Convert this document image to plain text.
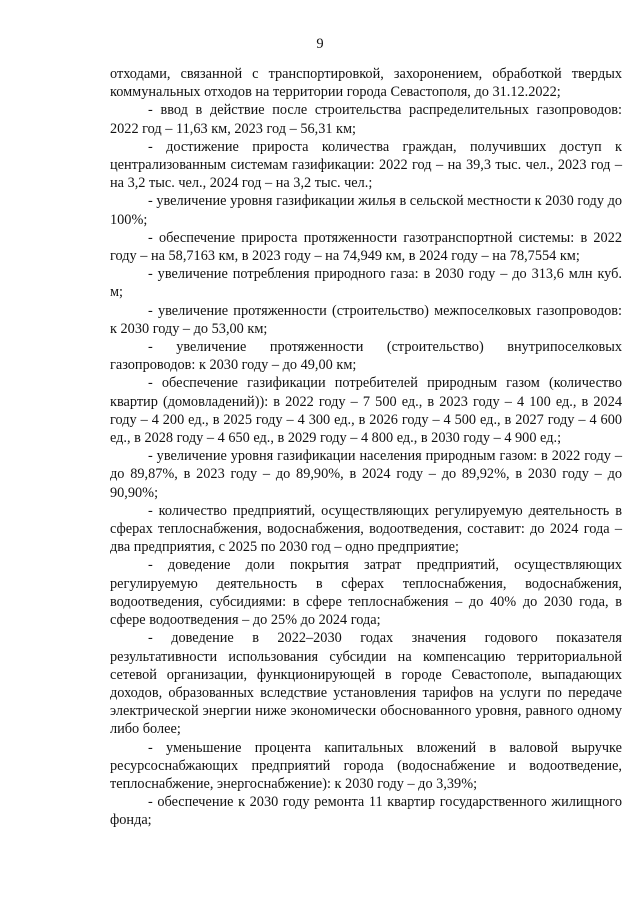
9

отходами, связанной с транспортировкой, захоронением, обработкой твердых коммунальных отходов на территории города Севастополя, до 31.12.2022;

- ввод в действие после строительства распределительных газопроводов: 2022 год – 11,63 км, 2023 год – 56,31 км;

- достижение прироста количества граждан, получивших доступ к централизованным системам газификации: 2022 год – на 39,3 тыс. чел., 2023 год – на 3,2 тыс. чел., 2024 год – на 3,2 тыс. чел.;

- увеличение уровня газификации жилья в сельской местности к 2030 году до 100%;

- обеспечение прироста протяженности газотранспортной системы: в 2022 году – на 58,7163 км, в 2023 году – на 74,949 км, в 2024 году – на 78,7554 км;

- увеличение потребления природного газа: в 2030 году – до 313,6 млн куб. м;

- увеличение протяженности (строительство) межпоселковых газопроводов: к 2030 году – до 53,00 км;

- увеличение протяженности (строительство) внутрипоселковых газопроводов: к 2030 году – до 49,00 км;

- обеспечение газификации потребителей природным газом (количество квартир (домовладений)): в 2022 году – 7 500 ед., в 2023 году – 4 100 ед., в 2024 году – 4 200 ед., в 2025 году – 4 300 ед., в 2026 году – 4 500 ед., в 2027 году – 4 600 ед., в 2028 году – 4 650 ед., в 2029 году – 4 800 ед., в 2030 году – 4 900 ед.;

- увеличение уровня газификации населения природным газом: в 2022 году – до 89,87%, в 2023 году – до 89,90%, в 2024 году – до 89,92%, в 2030 году – до 90,90%;

- количество предприятий, осуществляющих регулируемую деятельность в сферах теплоснабжения, водоснабжения, водоотведения, составит: до 2024 года – два предприятия, с 2025 по 2030 год – одно предприятие;

- доведение доли покрытия затрат предприятий, осуществляющих регулируемую деятельность в сферах теплоснабжения, водоснабжения, водоотведения, субсидиями: в сфере теплоснабжения – до 40% до 2030 года, в сфере водоотведения – до 25% до 2024 года;

- доведение в 2022–2030 годах значения годового показателя результативности использования субсидии на компенсацию территориальной сетевой организации, функционирующей в городе Севастополе, выпадающих доходов, образованных вследствие установления тарифов на услуги по передаче электрической энергии ниже экономически обоснованного уровня, равного одному либо более;

- уменьшение процента капитальных вложений в валовой выручке ресурсоснабжающих предприятий города (водоснабжение и водоотведение, теплоснабжение, энергоснабжение): к 2030 году – до 3,39%;

- обеспечение к 2030 году ремонта 11 квартир государственного жилищного фонда;
